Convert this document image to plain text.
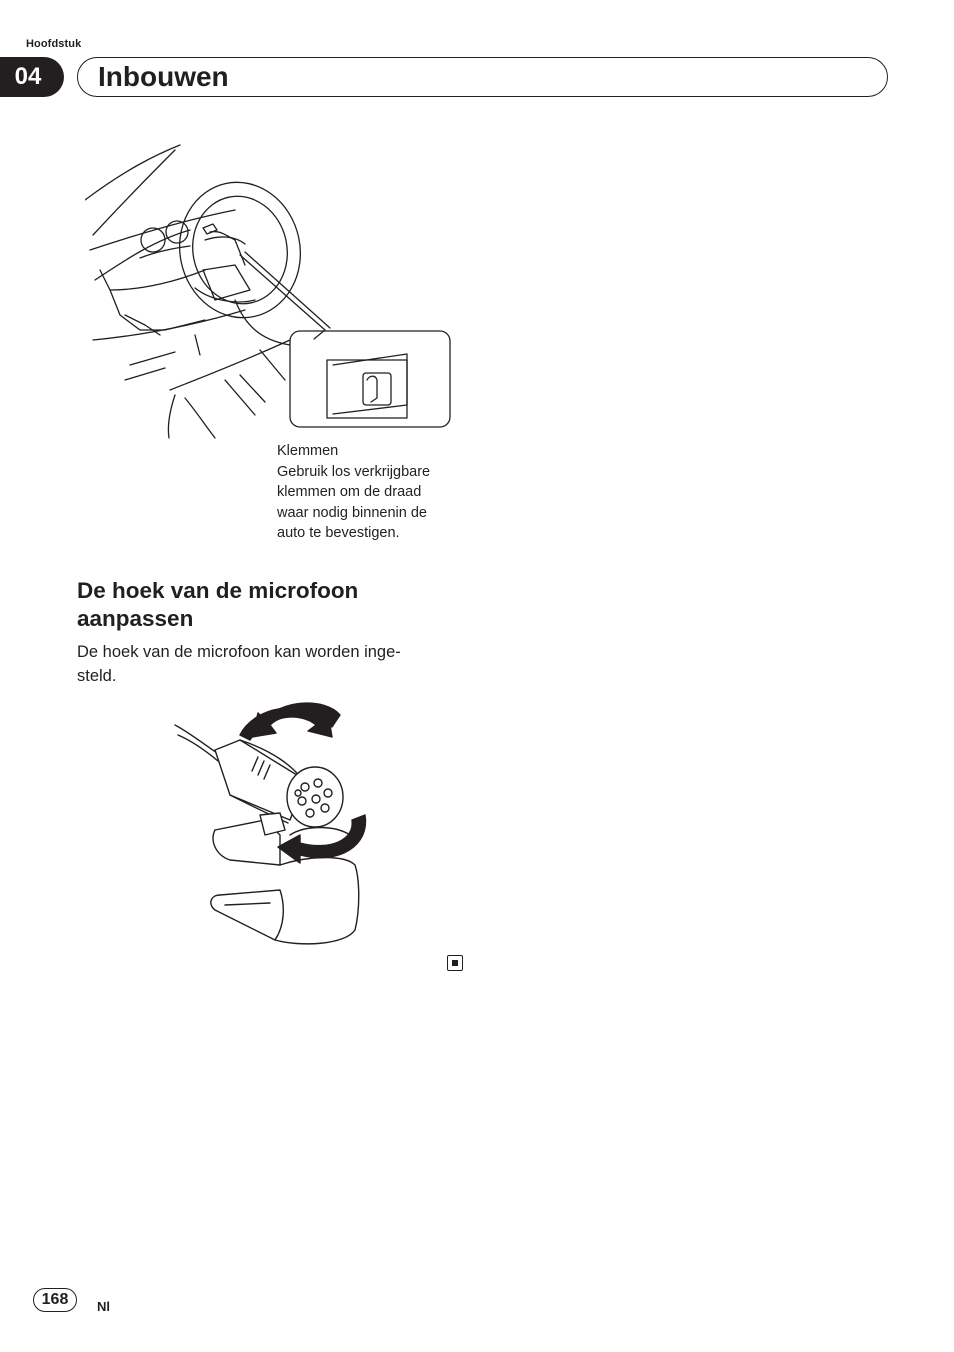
Hoofdstuk
04	Inbouwen
Klemmen
Gebruik los verkrijgbare
klemmen om de draad
waar nodig binnenin de
auto te bevestigen.
De hoek van de microfoon
aanpassen
De hoek van de microfoon kan worden inge-
steld.
168	Nl
